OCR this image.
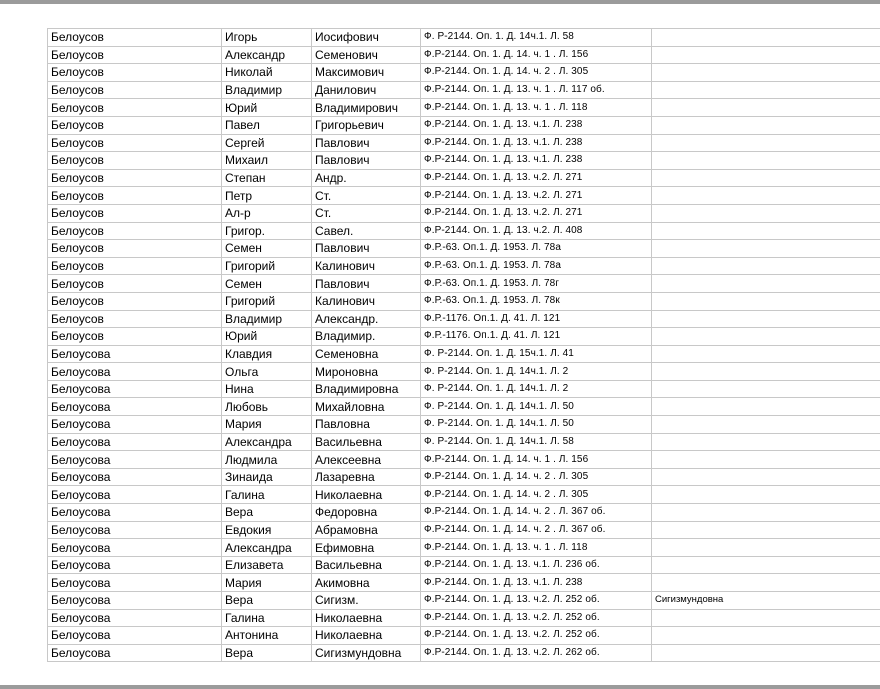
Белоусов	Игорь	Иосифович	Ф. Р-2144. Оп. 1. Д. 14ч.1. Л. 58	
Белоусов	Александр	Семенович	Ф.Р-2144. Оп. 1. Д. 14. ч. 1 . Л. 156	
Белоусов	Николай	Максимович	Ф.Р-2144. Оп. 1. Д. 14. ч. 2 . Л. 305	
Белоусов	Владимир	Данилович	Ф.Р-2144. Оп. 1. Д. 13. ч. 1 . Л. 117 об.	
Белоусов	Юрий	Владимирович	Ф.Р-2144. Оп. 1. Д. 13. ч. 1 . Л. 118	
Белоусов	Павел	Григорьевич	Ф.Р-2144. Оп. 1. Д. 13. ч.1. Л. 238	
Белоусов	Сергей	Павлович	Ф.Р-2144. Оп. 1. Д. 13. ч.1. Л. 238	
Белоусов	Михаил	Павлович	Ф.Р-2144. Оп. 1. Д. 13. ч.1. Л. 238	
Белоусов	Степан	Андр.	Ф.Р-2144. Оп. 1. Д. 13. ч.2. Л. 271	
Белоусов	Петр	Ст.	Ф.Р-2144. Оп. 1. Д. 13. ч.2. Л. 271	
Белоусов	Ал-р	Ст.	Ф.Р-2144. Оп. 1. Д. 13. ч.2. Л. 271	
Белоусов	Григор.	Савел.	Ф.Р-2144. Оп. 1. Д. 13. ч.2. Л. 408	
Белоусов	Семен	Павлович	Ф.Р.-63. Оп.1. Д. 1953. Л. 78а	
Белоусов	Григорий	Калинович	Ф.Р.-63. Оп.1. Д. 1953. Л. 78а	
Белоусов	Семен	Павлович	Ф.Р.-63. Оп.1. Д. 1953. Л. 78г	
Белоусов	Григорий	Калинович	Ф.Р.-63. Оп.1. Д. 1953. Л. 78к	
Белоусов	Владимир	Александр.	Ф.Р.-1176. Оп.1. Д. 41. Л. 121	
Белоусов	Юрий	Владимир.	Ф.Р.-1176. Оп.1. Д. 41. Л. 121	
Белоусова	Клавдия	Семеновна	Ф. Р-2144. Оп. 1. Д. 15ч.1. Л. 41	
Белоусова	Ольга	Мироновна	Ф. Р-2144. Оп. 1. Д. 14ч.1. Л. 2	
Белоусова	Нина	Владимировна	Ф. Р-2144. Оп. 1. Д. 14ч.1. Л. 2	
Белоусова	Любовь	Михайловна	Ф. Р-2144. Оп. 1. Д. 14ч.1. Л. 50	
Белоусова	Мария	Павловна	Ф. Р-2144. Оп. 1. Д. 14ч.1. Л. 50	
Белоусова	Александра	Васильевна	Ф. Р-2144. Оп. 1. Д. 14ч.1. Л. 58	
Белоусова	Людмила	Алексеевна	Ф.Р-2144. Оп. 1. Д. 14. ч. 1 . Л. 156	
Белоусова	Зинаида	Лазаревна	Ф.Р-2144. Оп. 1. Д. 14. ч. 2 . Л. 305	
Белоусова	Галина	Николаевна	Ф.Р-2144. Оп. 1. Д. 14. ч. 2 . Л. 305	
Белоусова	Вера	Федоровна	Ф.Р-2144. Оп. 1. Д. 14. ч. 2 . Л. 367 об.	
Белоусова	Евдокия	Абрамовна	Ф.Р-2144. Оп. 1. Д. 14. ч. 2 . Л. 367 об.	
Белоусова	Александра	Ефимовна	Ф.Р-2144. Оп. 1. Д. 13. ч. 1 . Л. 118	
Белоусова	Елизавета	Васильевна	Ф.Р-2144. Оп. 1. Д. 13. ч.1. Л. 236 об.	
Белоусова	Мария	Акимовна	Ф.Р-2144. Оп. 1. Д. 13. ч.1. Л. 238	
Белоусова	Вера	Сигизм.	Ф.Р-2144. Оп. 1. Д. 13. ч.2. Л. 252 об.	Сигизмундовна
Белоусова	Галина	Николаевна	Ф.Р-2144. Оп. 1. Д. 13. ч.2. Л. 252 об.	
Белоусова	Антонина	Николаевна	Ф.Р-2144. Оп. 1. Д. 13. ч.2. Л. 252 об.	
Белоусова	Вера	Сигизмундовна	Ф.Р-2144. Оп. 1. Д. 13. ч.2. Л. 262 об.	
